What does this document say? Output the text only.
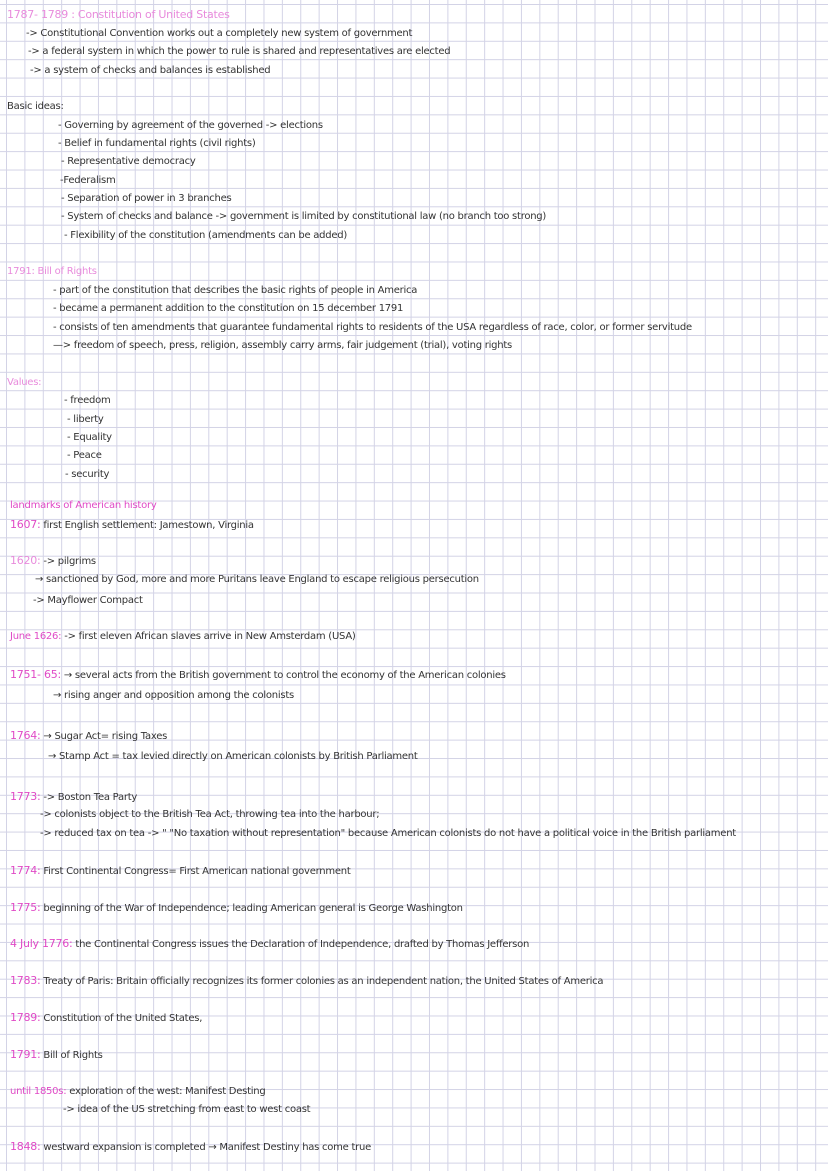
1787- 1789 : Constitution of United States
-> Constitutional Convention works out a completely new system of government
-> a federal system in which the power to rule is shared and representatives are elected
-> a system of checks and balances is established
Basic ideas:
- Governing by agreement of the governed -> elections
- Belief in fundamental rights (civil rights)
- Representative democracy
-Federalism
- Separation of power in 3 branches
- System of checks and balance -> government is limited by constitutional law (no branch too strong)
- Flexibility of the constitution (amendments can be added)
1791: Bill of Rights
- part of the constitution that describes the basic rights of people in America
- became a permanent addition to the constitution on 15 december 1791
- consists of ten amendments that guarantee fundamental rights to residents of the USA regardless of race, color, or former servitude
—> freedom of speech, press, religion, assembly carry arms, fair judgement (trial), voting rights
Values:
- freedom
- liberty
- Equality
- Peace
- security
landmarks of American history
1607: first English settlement: Jamestown, Virginia
1620: -> pilgrims
→ sanctioned by God, more and more Puritans leave England to escape religious persecution
-> Mayflower Compact
June 1626: -> first eleven African slaves arrive in New Amsterdam (USA)
1751- 65: → several acts from the British government to control the economy of the American colonies
→ rising anger and opposition among the colonists
1764: → Sugar Act= rising Taxes
→ Stamp Act = tax levied directly on American colonists by British Parliament
1773: -> Boston Tea Party
-> colonists object to the British Tea Act, throwing tea into the harbour;
-> reduced tax on tea -> " "No taxation without representation" because American colonists do not have a political voice in the British parliament
1774: First Continental Congress= First American national government
1775: beginning of the War of Independence; leading American general is George Washington
4 July 1776: the Continental Congress issues the Declaration of Independence, drafted by Thomas Jefferson
1783: Treaty of Paris: Britain officially recognizes its former colonies as an independent nation, the United States of America
1789: Constitution of the United States,
1791: Bill of Rights
until 1850s: exploration of the west: Manifest Desting
-> idea of the US stretching from east to west coast
1848: westward expansion is completed → Manifest Destiny has come true
